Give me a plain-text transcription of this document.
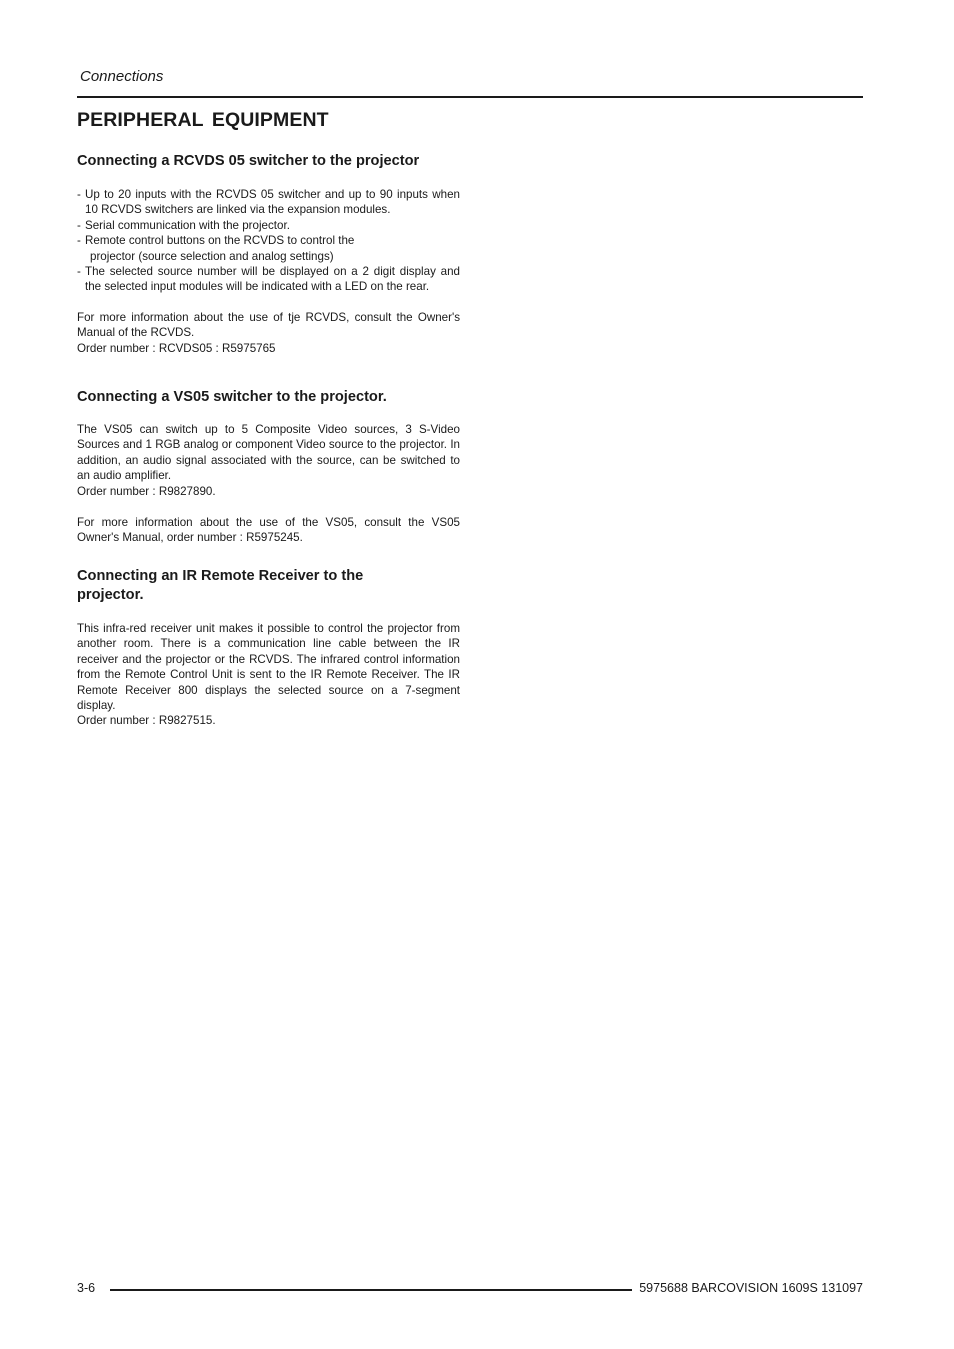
Connections
PERIPHERAL EQUIPMENT
Connecting a RCVDS 05 switcher to the projector
- Up to 20 inputs with the RCVDS 05 switcher and up to 90 inputs when 10 RCVDS switchers are linked via the expansion modules.
- Serial communication with the projector.
- Remote control buttons on the RCVDS to control the
projector (source selection and analog settings)
- The selected source number will be displayed on a 2 digit display and the selected input modules will be indicated with a LED on the rear.
For more information about the use of tje RCVDS, consult the Owner's Manual of the RCVDS.
Order number : RCVDS05 : R5975765
Connecting a VS05 switcher to the projector.
The VS05 can switch up to 5 Composite Video sources, 3 S-Video Sources and 1 RGB analog or component Video source to the projector. In addition, an audio signal associated with the source, can be switched to an audio amplifier.
Order number : R9827890.
For more information about the use of the VS05, consult the VS05 Owner's Manual, order number : R5975245.
Connecting an IR Remote Receiver to the
projector.
This infra-red receiver unit makes it possible to control the projector from another room. There is a communication line cable between the IR receiver and the projector or the RCVDS. The infrared control information from the Remote Control Unit is sent to the IR Remote Receiver. The IR Remote Receiver 800 displays the selected source on a 7-segment display.
Order number : R9827515.
3-6	5975688 BARCOVISION 1609S 131097
